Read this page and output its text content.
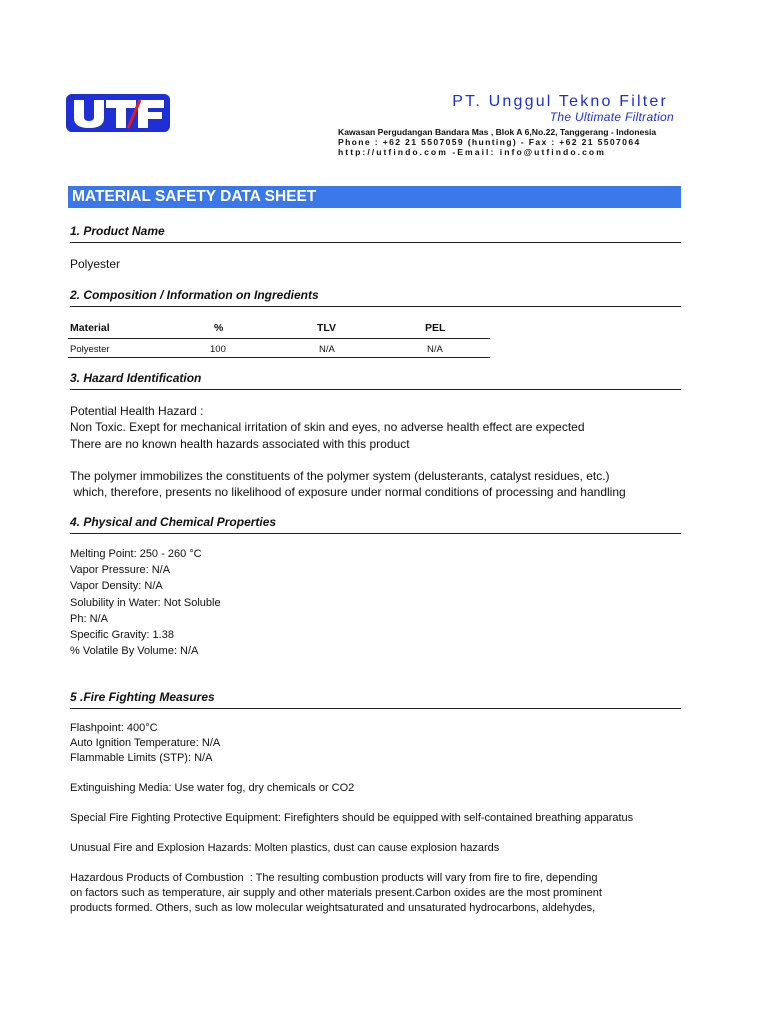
PT. Unggul Tekno Filter
The Ultimate Filtration
Kawasan Pergudangan Bandara Mas , Blok A 6,No.22, Tanggerang - Indonesia
Phone : +62 21 5507059 (hunting) - Fax : +62 21 5507064
http://utfindo.com -Email: info@utfindo.com
MATERIAL SAFETY DATA SHEET
1. Product Name
Polyester
2. Composition / Information on Ingredients
Material	%	TLV	PEL
Polyester	100	N/A	N/A
3. Hazard Identification
Potential Health Hazard :
Non Toxic. Exept for mechanical irritation of skin and eyes, no adverse health effect are expected
There are no known health hazards associated with this product
The polymer immobilizes the constituents of the polymer system (delusterants, catalyst residues, etc.)
which, therefore, presents no likelihood of exposure under normal conditions of processing and handling
4. Physical and Chemical Properties
Melting Point: 250 - 260 °C
Vapor Pressure: N/A
Vapor Density: N/A
Solubility in Water: Not Soluble
Ph: N/A
Specific Gravity: 1.38
% Volatile By Volume: N/A
5 .Fire Fighting Measures
Flashpoint: 400°C
Auto Ignition Temperature: N/A
Flammable Limits (STP): N/A
Extinguishing Media: Use water fog, dry chemicals or CO2
Special Fire Fighting Protective Equipment: Firefighters should be equipped with self-contained breathing apparatus
Unusual Fire and Explosion Hazards: Molten plastics, dust can cause explosion hazards
Hazardous Products of Combustion  : The resulting combustion products will vary from fire to fire, depending
on factors such as temperature, air supply and other materials present.Carbon oxides are the most prominent
products formed. Others, such as low molecular weightsaturated and unsaturated hydrocarbons, aldehydes,
